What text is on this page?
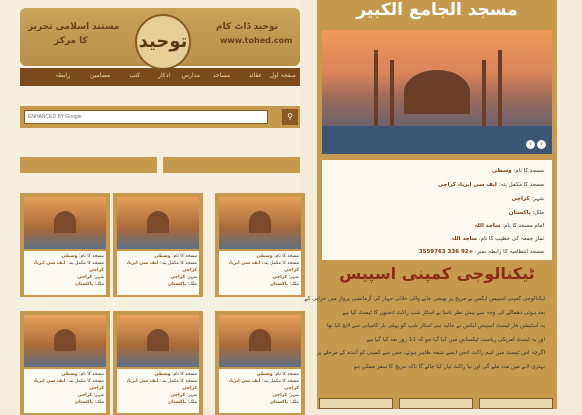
مستند اسلامی تحریر
کا مرکز	توحید
توحید ڈاٹ کام
www.tohed.com
صفحہ اول
عقائد
مساجد
مدارس
اذکار
کتب
مضامین
رابطہ
ENHANCED BY Google
⚲
مسجد کا نام: وسطی
مسجد کا مکمل پتہ: ایف سی ایریا، کراچی
شہر: کراچی
ملک: پاکستان
مسجد کا نام: وسطی
مسجد کا مکمل پتہ: ایف سی ایریا، کراچی
شہر: کراچی
ملک: پاکستان
مسجد کا نام: وسطی
مسجد کا مکمل پتہ: ایف سی ایریا، کراچی
شہر: کراچی
ملک: پاکستان
مسجد کا نام: وسطی
مسجد کا مکمل پتہ: ایف سی ایریا، کراچی
شہر: کراچی
ملک: پاکستان
مسجد کا نام: وسطی
مسجد کا مکمل پتہ: ایف سی ایریا، کراچی
شہر: کراچی
ملک: پاکستان
مسجد کا نام: وسطی
مسجد کا مکمل پتہ: ایف سی ایریا، کراچی
شہر: کراچی
ملک: پاکستان
مسجد الجامع الکبیر
‹	›
مسجد کا نام: وسطی
مسجد کا مکمل پتہ: ایف سی ایریا، کراچی
شہر: کراچی
ملک: پاکستان
امام مسجد کا نام: ساجد اللہ
نماز جمعہ کی خطیب کا نام: ساجد اللہ
مسجد انتظامیہ کا رابطہ نمبر: +92 336 3559763
ٹیکنالوجی کمپنی اسپیس
ٹیکنالوجی کمپنی اسپیس ایکس نے مریخ پر بھیجی جانے والی خلائی جہاز کی آزمائشی پرواز میں خرابی کے
بعد ہوئی دھماکے کی وجہ سے پیش نظر ناسا نے اسٹار شپ راکٹ انجنوں کا ٹیسٹ کیا ہے
یہ اسٹیشن فار ٹیسٹ اسپیس ایکس نے حالیہ ہی اسٹار شپ کو پہلی بار کامیابی سے لانچ کیا تھا
اور یہ ٹیسٹ امریکی ریاست ٹیکساس میں کیا گیا جو کہ 11 روز بعد کیا گیا ہے
اگرچہ اس ٹیسٹ میں اہم راکٹ انجن ایسے نتیجہ ظاہر ہوئے، جس سے کمپنی کو آئندہ کے مرحلے پر
بہتری لانے میں مدد ملے گی اور نیا راکٹ تیار کیا جائے گا تاکہ مریخ کا سفر ممکن ہو
